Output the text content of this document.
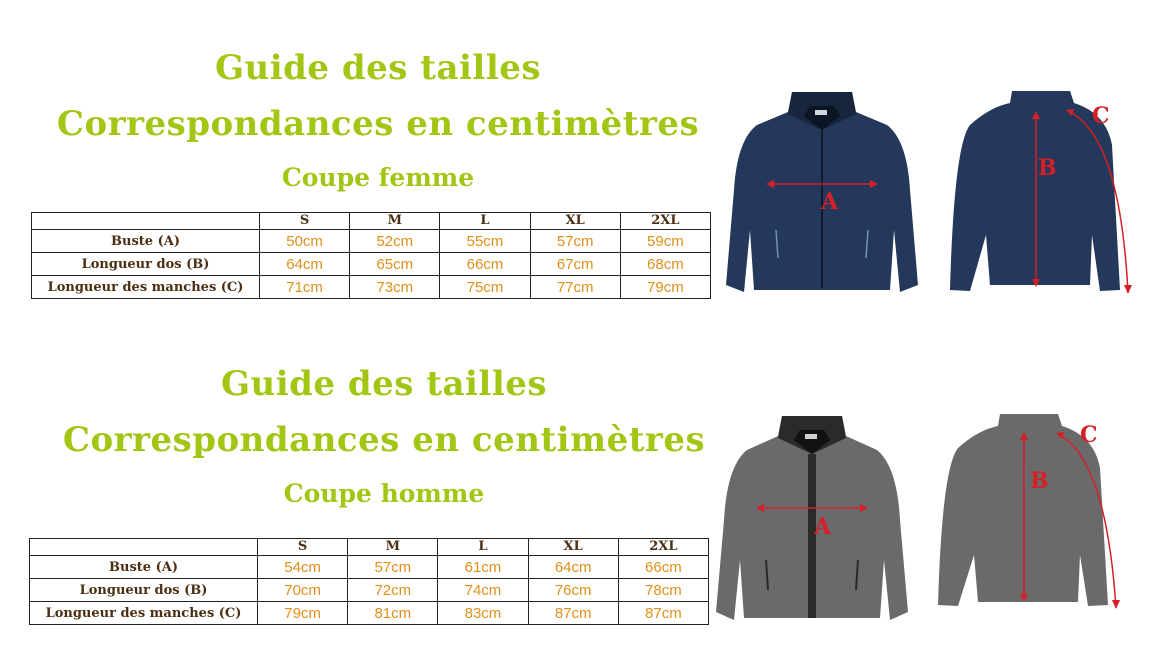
Guide des tailles
Correspondances en centimètres
Coupe femme
	S	M	L	XL	2XL
Buste (A)	50cm	52cm	55cm	57cm	59cm
Longueur dos (B)	64cm	65cm	66cm	67cm	68cm
Longueur des manches (C)	71cm	73cm	75cm	77cm	79cm
A
B
C
Guide des tailles
Correspondances en centimètres
Coupe homme
	S	M	L	XL	2XL
Buste (A)	54cm	57cm	61cm	64cm	66cm
Longueur dos (B)	70cm	72cm	74cm	76cm	78cm
Longueur des manches (C)	79cm	81cm	83cm	87cm	87cm
A
B
C
